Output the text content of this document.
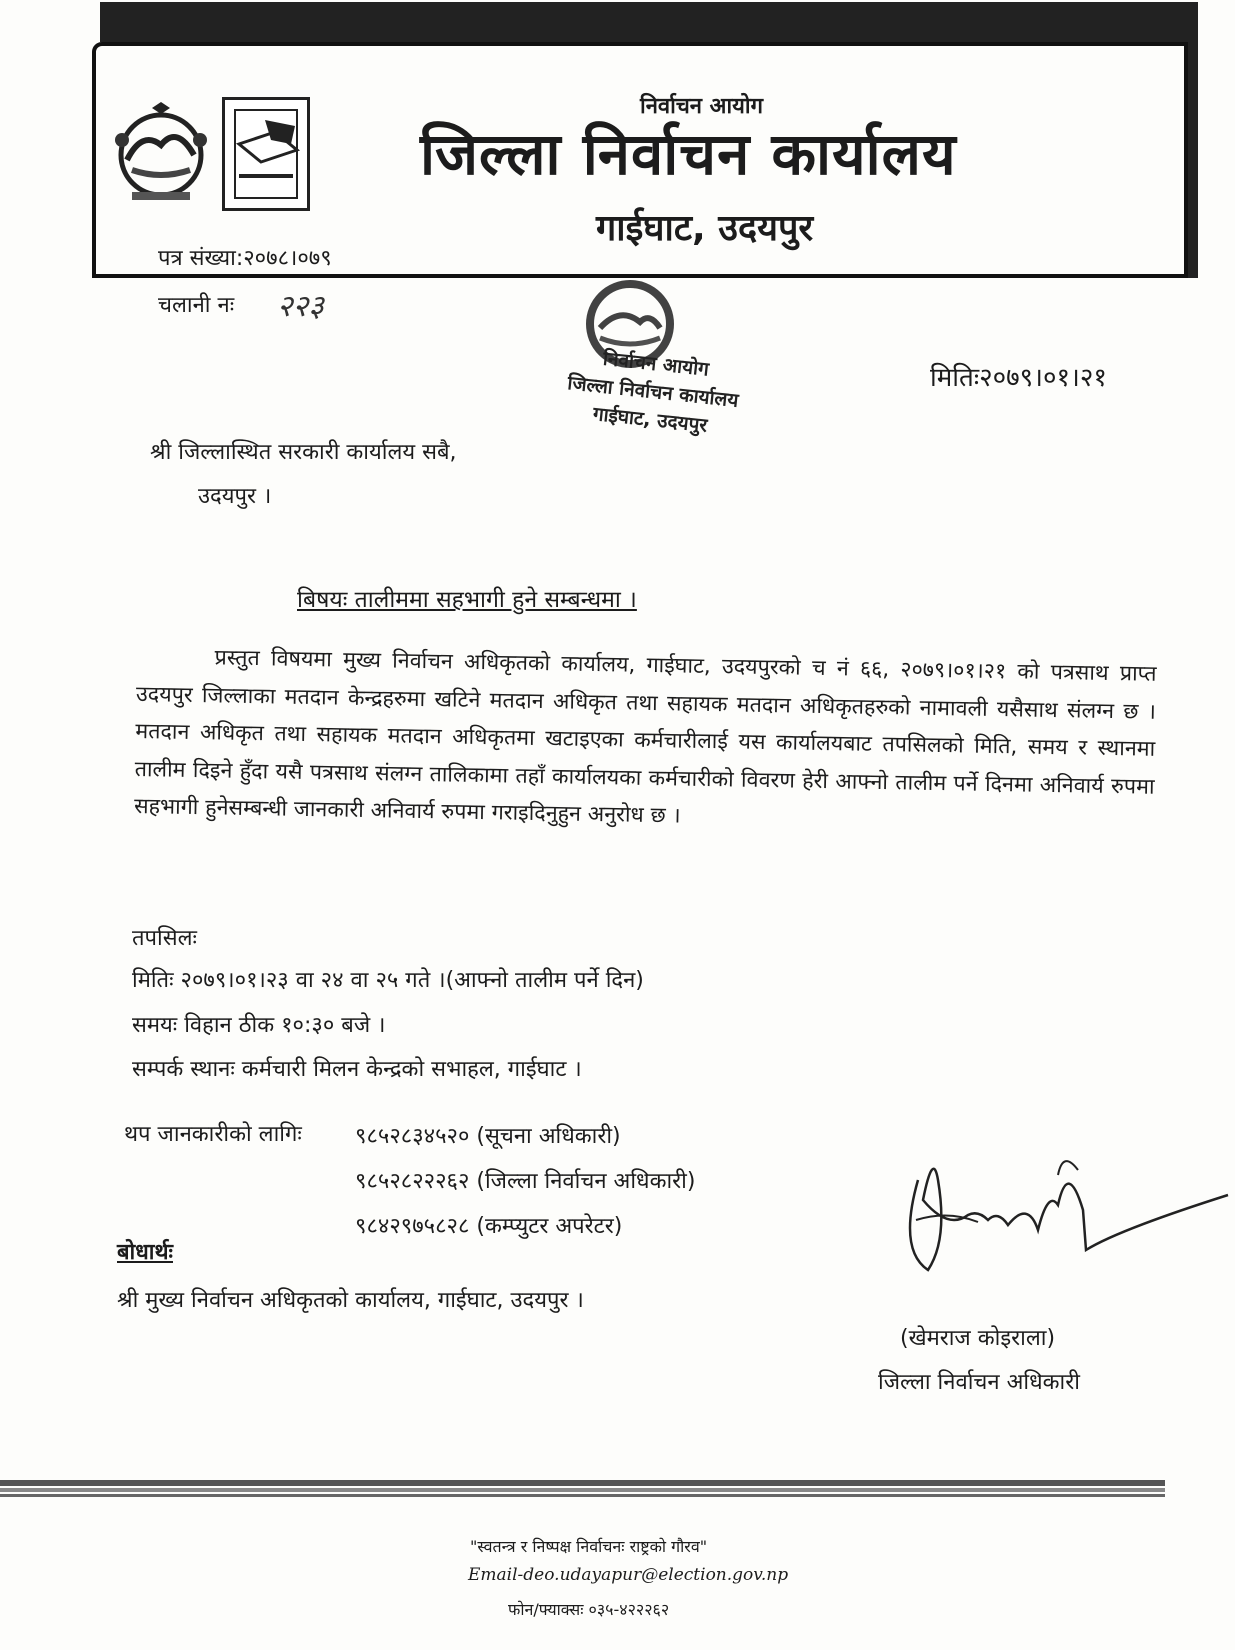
निर्वाचन आयोग
जिल्ला निर्वाचन कार्यालय
गाईघाट, उदयपुर
पत्र संख्या:२०७८।०७९
चलानी नः २२३
निर्वाचन आयोग
जिल्ला निर्वाचन कार्यालय
गाईघाट, उदयपुर
मितिः२०७९।०१।२१
श्री जिल्लास्थित सरकारी कार्यालय सबै,
उदयपुर ।
बिषयः तालीममा सहभागी हुने सम्बन्धमा ।

प्रस्तुत विषयमा मुख्य निर्वाचन अधिकृतको कार्यालय, गाईघाट, उदयपुरको च नं ६६, २०७९।०१।२१ को पत्रसाथ प्राप्त उदयपुर जिल्लाका मतदान केन्द्रहरुमा खटिने मतदान अधिकृत तथा सहायक मतदान अधिकृतहरुको नामावली यसैसाथ संलग्न छ । मतदान अधिकृत तथा सहायक मतदान अधिकृतमा खटाइएका कर्मचारीलाई यस कार्यालयबाट तपसिलको मिति, समय र स्थानमा तालीम दिइने हुँदा यसै पत्रसाथ संलग्न तालिकामा तहाँ कार्यालयका कर्मचारीको विवरण हेरी आफ्नो तालीम पर्ने दिनमा अनिवार्य रुपमा सहभागी हुनेसम्बन्धी जानकारी अनिवार्य रुपमा गराइदिनुहुन अनुरोध छ ।

तपसिलः
मितिः २०७९।०१।२३ वा २४ वा २५ गते ।(आफ्नो तालीम पर्ने दिन)
समयः विहान ठीक १०:३० बजे ।
सम्पर्क स्थानः कर्मचारी मिलन केन्द्रको सभाहल, गाईघाट ।
थप जानकारीको लागिः ९८५२८३४५२० (सूचना अधिकारी)
९८५२८२२२६२ (जिल्ला निर्वाचन अधिकारी)
९८४२९७५८२८ (कम्प्युटर अपरेटर)
बोधार्थः
श्री मुख्य निर्वाचन अधिकृतको कार्यालय, गाईघाट, उदयपुर ।
(खेमराज कोइराला)
जिल्ला निर्वाचन अधिकारी
"स्वतन्त्र र निष्पक्ष निर्वाचनः राष्ट्रको गौरव"
Email-deo.udayapur@election.gov.np
फोन/फ्याक्सः ०३५-४२२२६२
